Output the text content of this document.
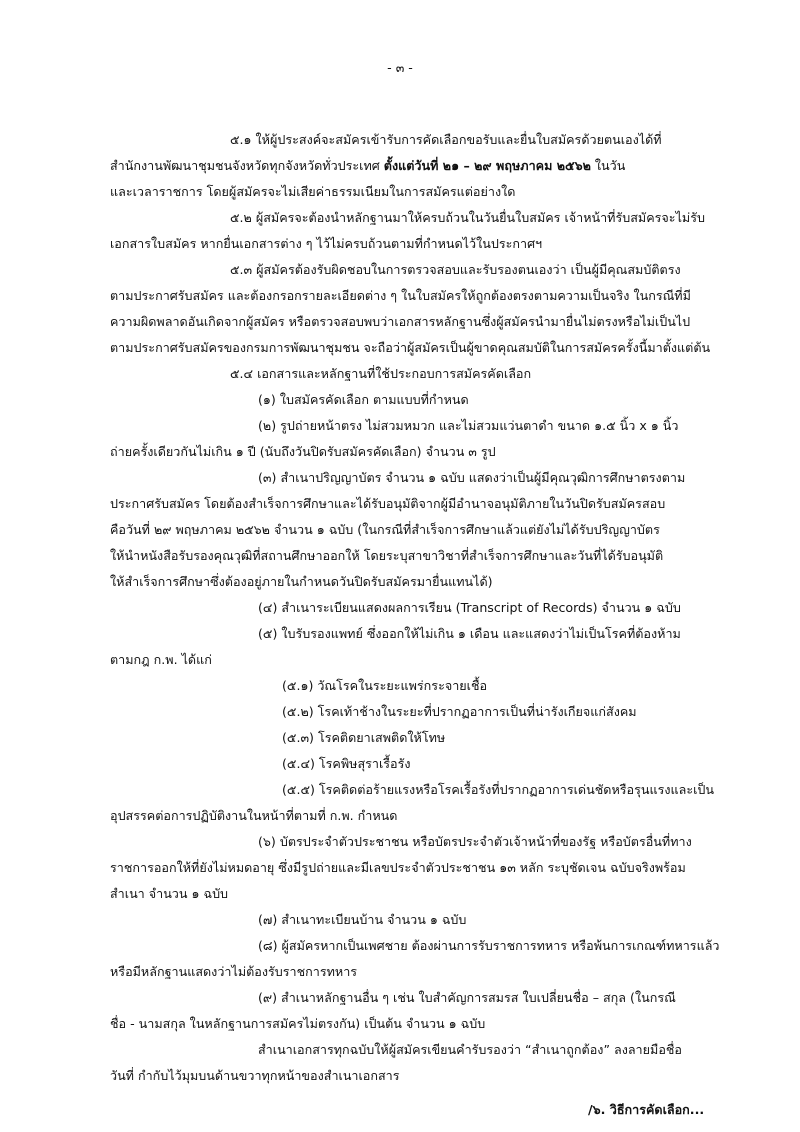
- ๓ -
๕.๑ ให้ผู้ประสงค์จะสมัครเข้ารับการคัดเลือกขอรับและยื่นใบสมัครด้วยตนเองได้ที่
สำนักงานพัฒนาชุมชนจังหวัดทุกจังหวัดทั่วประเทศ ตั้งแต่วันที่ ๒๑ – ๒๙ พฤษภาคม ๒๕๖๒ ในวัน
และเวลาราชการ โดยผู้สมัครจะไม่เสียค่าธรรมเนียมในการสมัครแต่อย่างใด
๕.๒ ผู้สมัครจะต้องนำหลักฐานมาให้ครบถ้วนในวันยื่นใบสมัคร เจ้าหน้าที่รับสมัครจะไม่รับ
เอกสารใบสมัคร หากยื่นเอกสารต่าง ๆ ไว้ไม่ครบถ้วนตามที่กำหนดไว้ในประกาศฯ
๕.๓ ผู้สมัครต้องรับผิดชอบในการตรวจสอบและรับรองตนเองว่า เป็นผู้มีคุณสมบัติตรง
ตามประกาศรับสมัคร และต้องกรอกรายละเอียดต่าง ๆ ในใบสมัครให้ถูกต้องตรงตามความเป็นจริง ในกรณีที่มี
ความผิดพลาดอันเกิดจากผู้สมัคร หรือตรวจสอบพบว่าเอกสารหลักฐานซึ่งผู้สมัครนำมายื่นไม่ตรงหรือไม่เป็นไป
ตามประกาศรับสมัครของกรมการพัฒนาชุมชน จะถือว่าผู้สมัครเป็นผู้ขาดคุณสมบัติในการสมัครครั้งนี้มาตั้งแต่ต้น
๕.๔ เอกสารและหลักฐานที่ใช้ประกอบการสมัครคัดเลือก
(๑) ใบสมัครคัดเลือก ตามแบบที่กำหนด
(๒) รูปถ่ายหน้าตรง ไม่สวมหมวก และไม่สวมแว่นตาดำ ขนาด ๑.๕ นิ้ว x ๑ นิ้ว
ถ่ายครั้งเดียวกันไม่เกิน ๑ ปี (นับถึงวันปิดรับสมัครคัดเลือก) จำนวน ๓ รูป
(๓) สำเนาปริญญาบัตร จำนวน ๑ ฉบับ แสดงว่าเป็นผู้มีคุณวุฒิการศึกษาตรงตาม
ประกาศรับสมัคร โดยต้องสำเร็จการศึกษาและได้รับอนุมัติจากผู้มีอำนาจอนุมัติภายในวันปิดรับสมัครสอบ
คือวันที่ ๒๙ พฤษภาคม ๒๕๖๒ จำนวน ๑ ฉบับ (ในกรณีที่สำเร็จการศึกษาแล้วแต่ยังไม่ได้รับปริญญาบัตร
ให้นำหนังสือรับรองคุณวุฒิที่สถานศึกษาออกให้ โดยระบุสาขาวิชาที่สำเร็จการศึกษาและวันที่ได้รับอนุมัติ
ให้สำเร็จการศึกษาซึ่งต้องอยู่ภายในกำหนดวันปิดรับสมัครมายื่นแทนได้)
(๔) สำเนาระเบียนแสดงผลการเรียน (Transcript of Records) จำนวน ๑ ฉบับ
(๕) ใบรับรองแพทย์ ซึ่งออกให้ไม่เกิน ๑ เดือน และแสดงว่าไม่เป็นโรคที่ต้องห้าม
ตามกฎ ก.พ. ได้แก่
(๕.๑) วัณโรคในระยะแพร่กระจายเชื้อ
(๕.๒) โรคเท้าช้างในระยะที่ปรากฏอาการเป็นที่น่ารังเกียจแก่สังคม
(๕.๓) โรคติดยาเสพติดให้โทษ
(๕.๔) โรคพิษสุราเรื้อรัง
(๕.๕) โรคติดต่อร้ายแรงหรือโรคเรื้อรังที่ปรากฏอาการเด่นชัดหรือรุนแรงและเป็น
อุปสรรคต่อการปฏิบัติงานในหน้าที่ตามที่ ก.พ. กำหนด
(๖) บัตรประจำตัวประชาชน หรือบัตรประจำตัวเจ้าหน้าที่ของรัฐ หรือบัตรอื่นที่ทาง
ราชการออกให้ที่ยังไม่หมดอายุ ซึ่งมีรูปถ่ายและมีเลขประจำตัวประชาชน ๑๓ หลัก ระบุชัดเจน ฉบับจริงพร้อม
สำเนา จำนวน ๑ ฉบับ
(๗) สำเนาทะเบียนบ้าน จำนวน ๑ ฉบับ
(๘) ผู้สมัครหากเป็นเพศชาย ต้องผ่านการรับราชการทหาร หรือพ้นการเกณฑ์ทหารแล้ว
หรือมีหลักฐานแสดงว่าไม่ต้องรับราชการทหาร
(๙) สำเนาหลักฐานอื่น ๆ เช่น ใบสำคัญการสมรส ใบเปลี่ยนชื่อ – สกุล (ในกรณี
ชื่อ - นามสกุล ในหลักฐานการสมัครไม่ตรงกัน) เป็นต้น จำนวน ๑ ฉบับ
สำเนาเอกสารทุกฉบับให้ผู้สมัครเขียนคำรับรองว่า “สำเนาถูกต้อง” ลงลายมือชื่อ
วันที่ กำกับไว้มุมบนด้านขวาทุกหน้าของสำเนาเอกสาร
/๖. วิธีการคัดเลือก...
